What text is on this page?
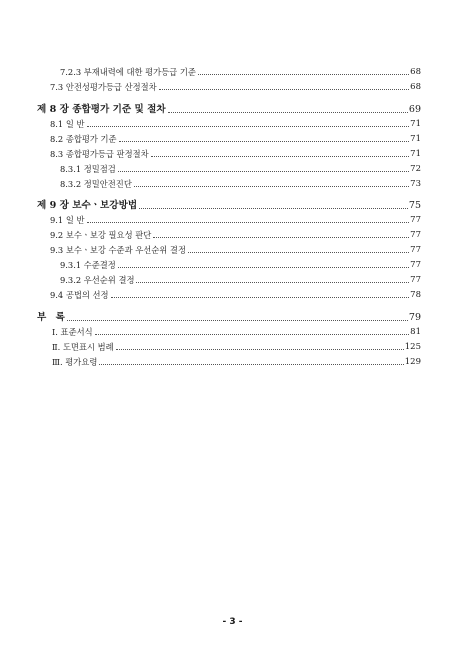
7.2.3 부재내력에 대한 평가등급 기준	68
7.3 안전성평가등급 산정절차	68
제 8 장 종합평가 기준 및 절차	69
8.1 일 반	71
8.2 종합평가 기준	71
8.3 종합평가등급 판정절차	71
8.3.1 정밀점검	72
8.3.2 정밀안전진단	73
제 9 장 보수ㆍ보강방법	75
9.1 일 반	77
9.2 보수ㆍ보강 필요성 판단	77
9.3 보수ㆍ보강 수준과 우선순위 결정	77
9.3.1 수준결정	77
9.3.2 우선순위 결정	77
9.4 공법의 선정	78
부 록	79
Ⅰ. 표준서식	81
Ⅱ. 도면표시 범례	125
Ⅲ. 평가요령	129
- 3 -
